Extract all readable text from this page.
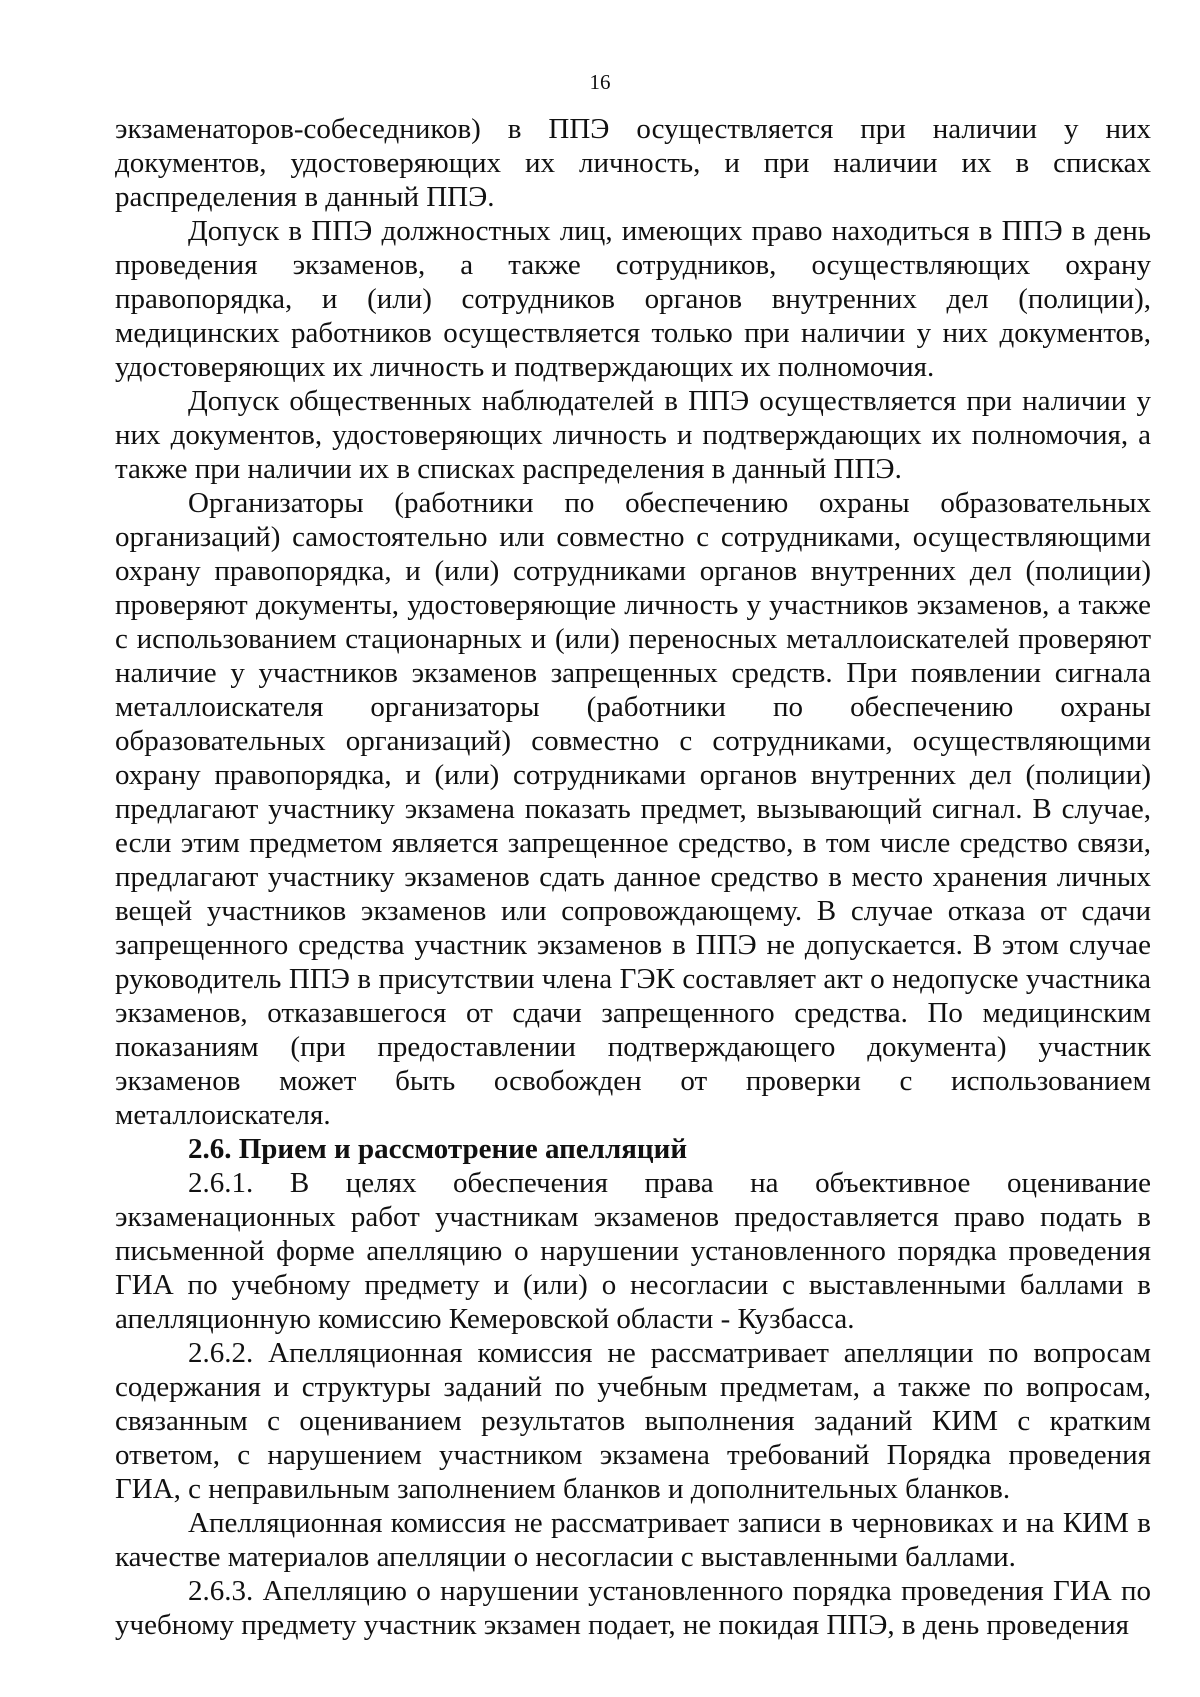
16

экзаменаторов-собеседников) в ППЭ осуществляется при наличии у них документов, удостоверяющих их личность, и при наличии их в списках распределения в данный ППЭ.

Допуск в ППЭ должностных лиц, имеющих право находиться в ППЭ в день проведения экзаменов, а также сотрудников, осуществляющих охрану правопорядка, и (или) сотрудников органов внутренних дел (полиции), медицинских работников осуществляется только при наличии у них документов, удостоверяющих их личность и подтверждающих их полномочия.

Допуск общественных наблюдателей в ППЭ осуществляется при наличии у них документов, удостоверяющих личность и подтверждающих их полномочия, а также при наличии их в списках распределения в данный ППЭ.

Организаторы (работники по обеспечению охраны образовательных организаций) самостоятельно или совместно с сотрудниками, осуществляющими охрану правопорядка, и (или) сотрудниками органов внутренних дел (полиции) проверяют документы, удостоверяющие личность у участников экзаменов, а также с использованием стационарных и (или) переносных металлоискателей проверяют наличие у участников экзаменов запрещенных средств. При появлении сигнала металлоискателя организаторы (работники по обеспечению охраны образовательных организаций) совместно с сотрудниками, осуществляющими охрану правопорядка, и (или) сотрудниками органов внутренних дел (полиции) предлагают участнику экзамена показать предмет, вызывающий сигнал. В случае, если этим предметом является запрещенное средство, в том числе средство связи, предлагают участнику экзаменов сдать данное средство в место хранения личных вещей участников экзаменов или сопровождающему. В случае отказа от сдачи запрещенного средства участник экзаменов в ППЭ не допускается. В этом случае руководитель ППЭ в присутствии члена ГЭК составляет акт о недопуске участника экзаменов, отказавшегося от сдачи запрещенного средства. По медицинским показаниям (при предоставлении подтверждающего документа) участник экзаменов может быть освобожден от проверки с использованием металлоискателя.

2.6. Прием и рассмотрение апелляций

2.6.1. В целях обеспечения права на объективное оценивание экзаменационных работ участникам экзаменов предоставляется право подать в письменной форме апелляцию о нарушении установленного порядка проведения ГИА по учебному предмету и (или) о несогласии с выставленными баллами в апелляционную комиссию Кемеровской области - Кузбасса.

2.6.2. Апелляционная комиссия не рассматривает апелляции по вопросам содержания и структуры заданий по учебным предметам, а также по вопросам, связанным с оцениванием результатов выполнения заданий КИМ с кратким ответом, с нарушением участником экзамена требований Порядка проведения ГИА, с неправильным заполнением бланков и дополнительных бланков.

Апелляционная комиссия не рассматривает записи в черновиках и на КИМ в качестве материалов апелляции о несогласии с выставленными баллами.

2.6.3. Апелляцию о нарушении установленного порядка проведения ГИА по учебному предмету участник экзамен подает, не покидая ППЭ, в день проведения
